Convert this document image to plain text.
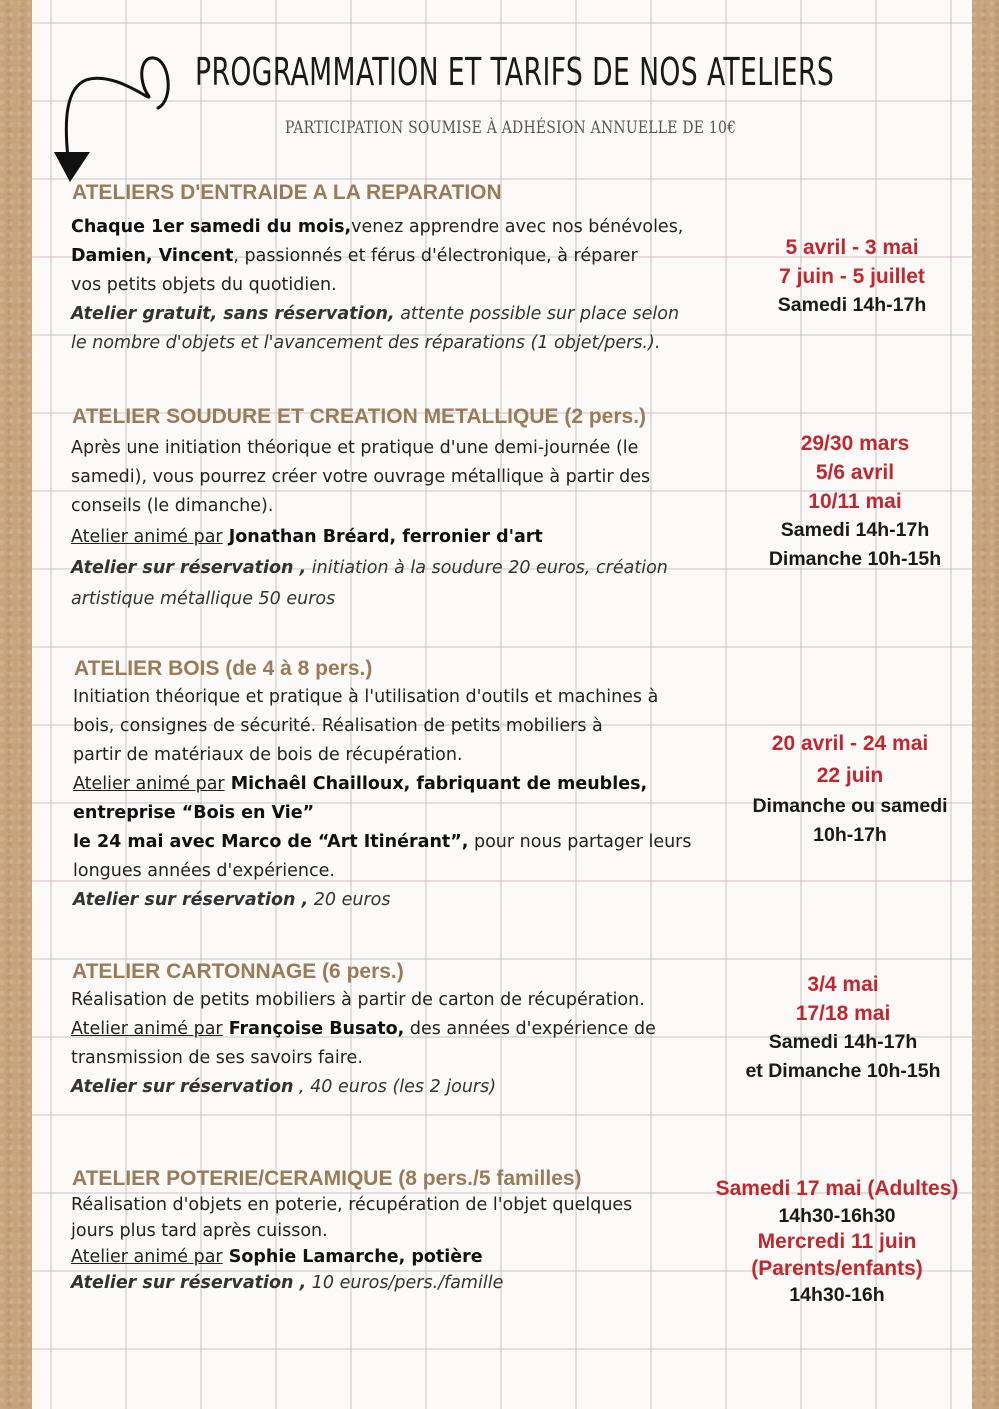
PROGRAMMATION ET TARIFS DE NOS ATELIERS
PARTICIPATION SOUMISE À ADHÉSION ANNUELLE DE 10€
ATELIERS D'ENTRAIDE A LA REPARATION
Chaque 1er samedi du mois,venez apprendre avec nos bénévoles,
Damien, Vincent, passionnés et férus d'électronique, à réparer
vos petits objets du quotidien.
Atelier gratuit, sans réservation, attente possible sur place selon
le nombre d'objets et l'avancement des réparations (1 objet/pers.).
5 avril - 3 mai
7 juin - 5 juillet
Samedi 14h-17h
ATELIER SOUDURE ET CREATION METALLIQUE (2 pers.)
Après une initiation théorique et pratique d'une demi-journée (le
samedi), vous pourrez créer votre ouvrage métallique à partir des
conseils (le dimanche).
Atelier animé par Jonathan Bréard, ferronier d'art
Atelier sur réservation , initiation à la soudure 20 euros, création
artistique métallique 50 euros
29/30 mars
5/6 avril
10/11 mai
Samedi 14h-17h
Dimanche 10h-15h
ATELIER BOIS (de 4 à 8 pers.)
Initiation théorique et pratique à l'utilisation d'outils et machines à
bois, consignes de sécurité. Réalisation de petits mobiliers à
partir de matériaux de bois de récupération.
Atelier animé par Michaêl Chailloux, fabriquant de meubles,
entreprise “Bois en Vie”
le 24 mai avec Marco de “Art Itinérant”, pour nous partager leurs
longues années d'expérience.
Atelier sur réservation , 20 euros
20 avril - 24 mai
22 juin
Dimanche ou samedi
10h-17h
ATELIER CARTONNAGE (6 pers.)
Réalisation de petits mobiliers à partir de carton de récupération.
Atelier animé par Françoise Busato, des années d'expérience de
transmission de ses savoirs faire.
Atelier sur réservation , 40 euros (les 2 jours)
3/4 mai
17/18 mai
Samedi 14h-17h
et Dimanche 10h-15h
ATELIER POTERIE/CERAMIQUE (8 pers./5 familles)
Réalisation d'objets en poterie, récupération de l'objet quelques
jours plus tard après cuisson.
Atelier animé par Sophie Lamarche, potière
Atelier sur réservation , 10 euros/pers./famille
Samedi 17 mai (Adultes)
14h30-16h30
Mercredi 11 juin
(Parents/enfants)
14h30-16h
